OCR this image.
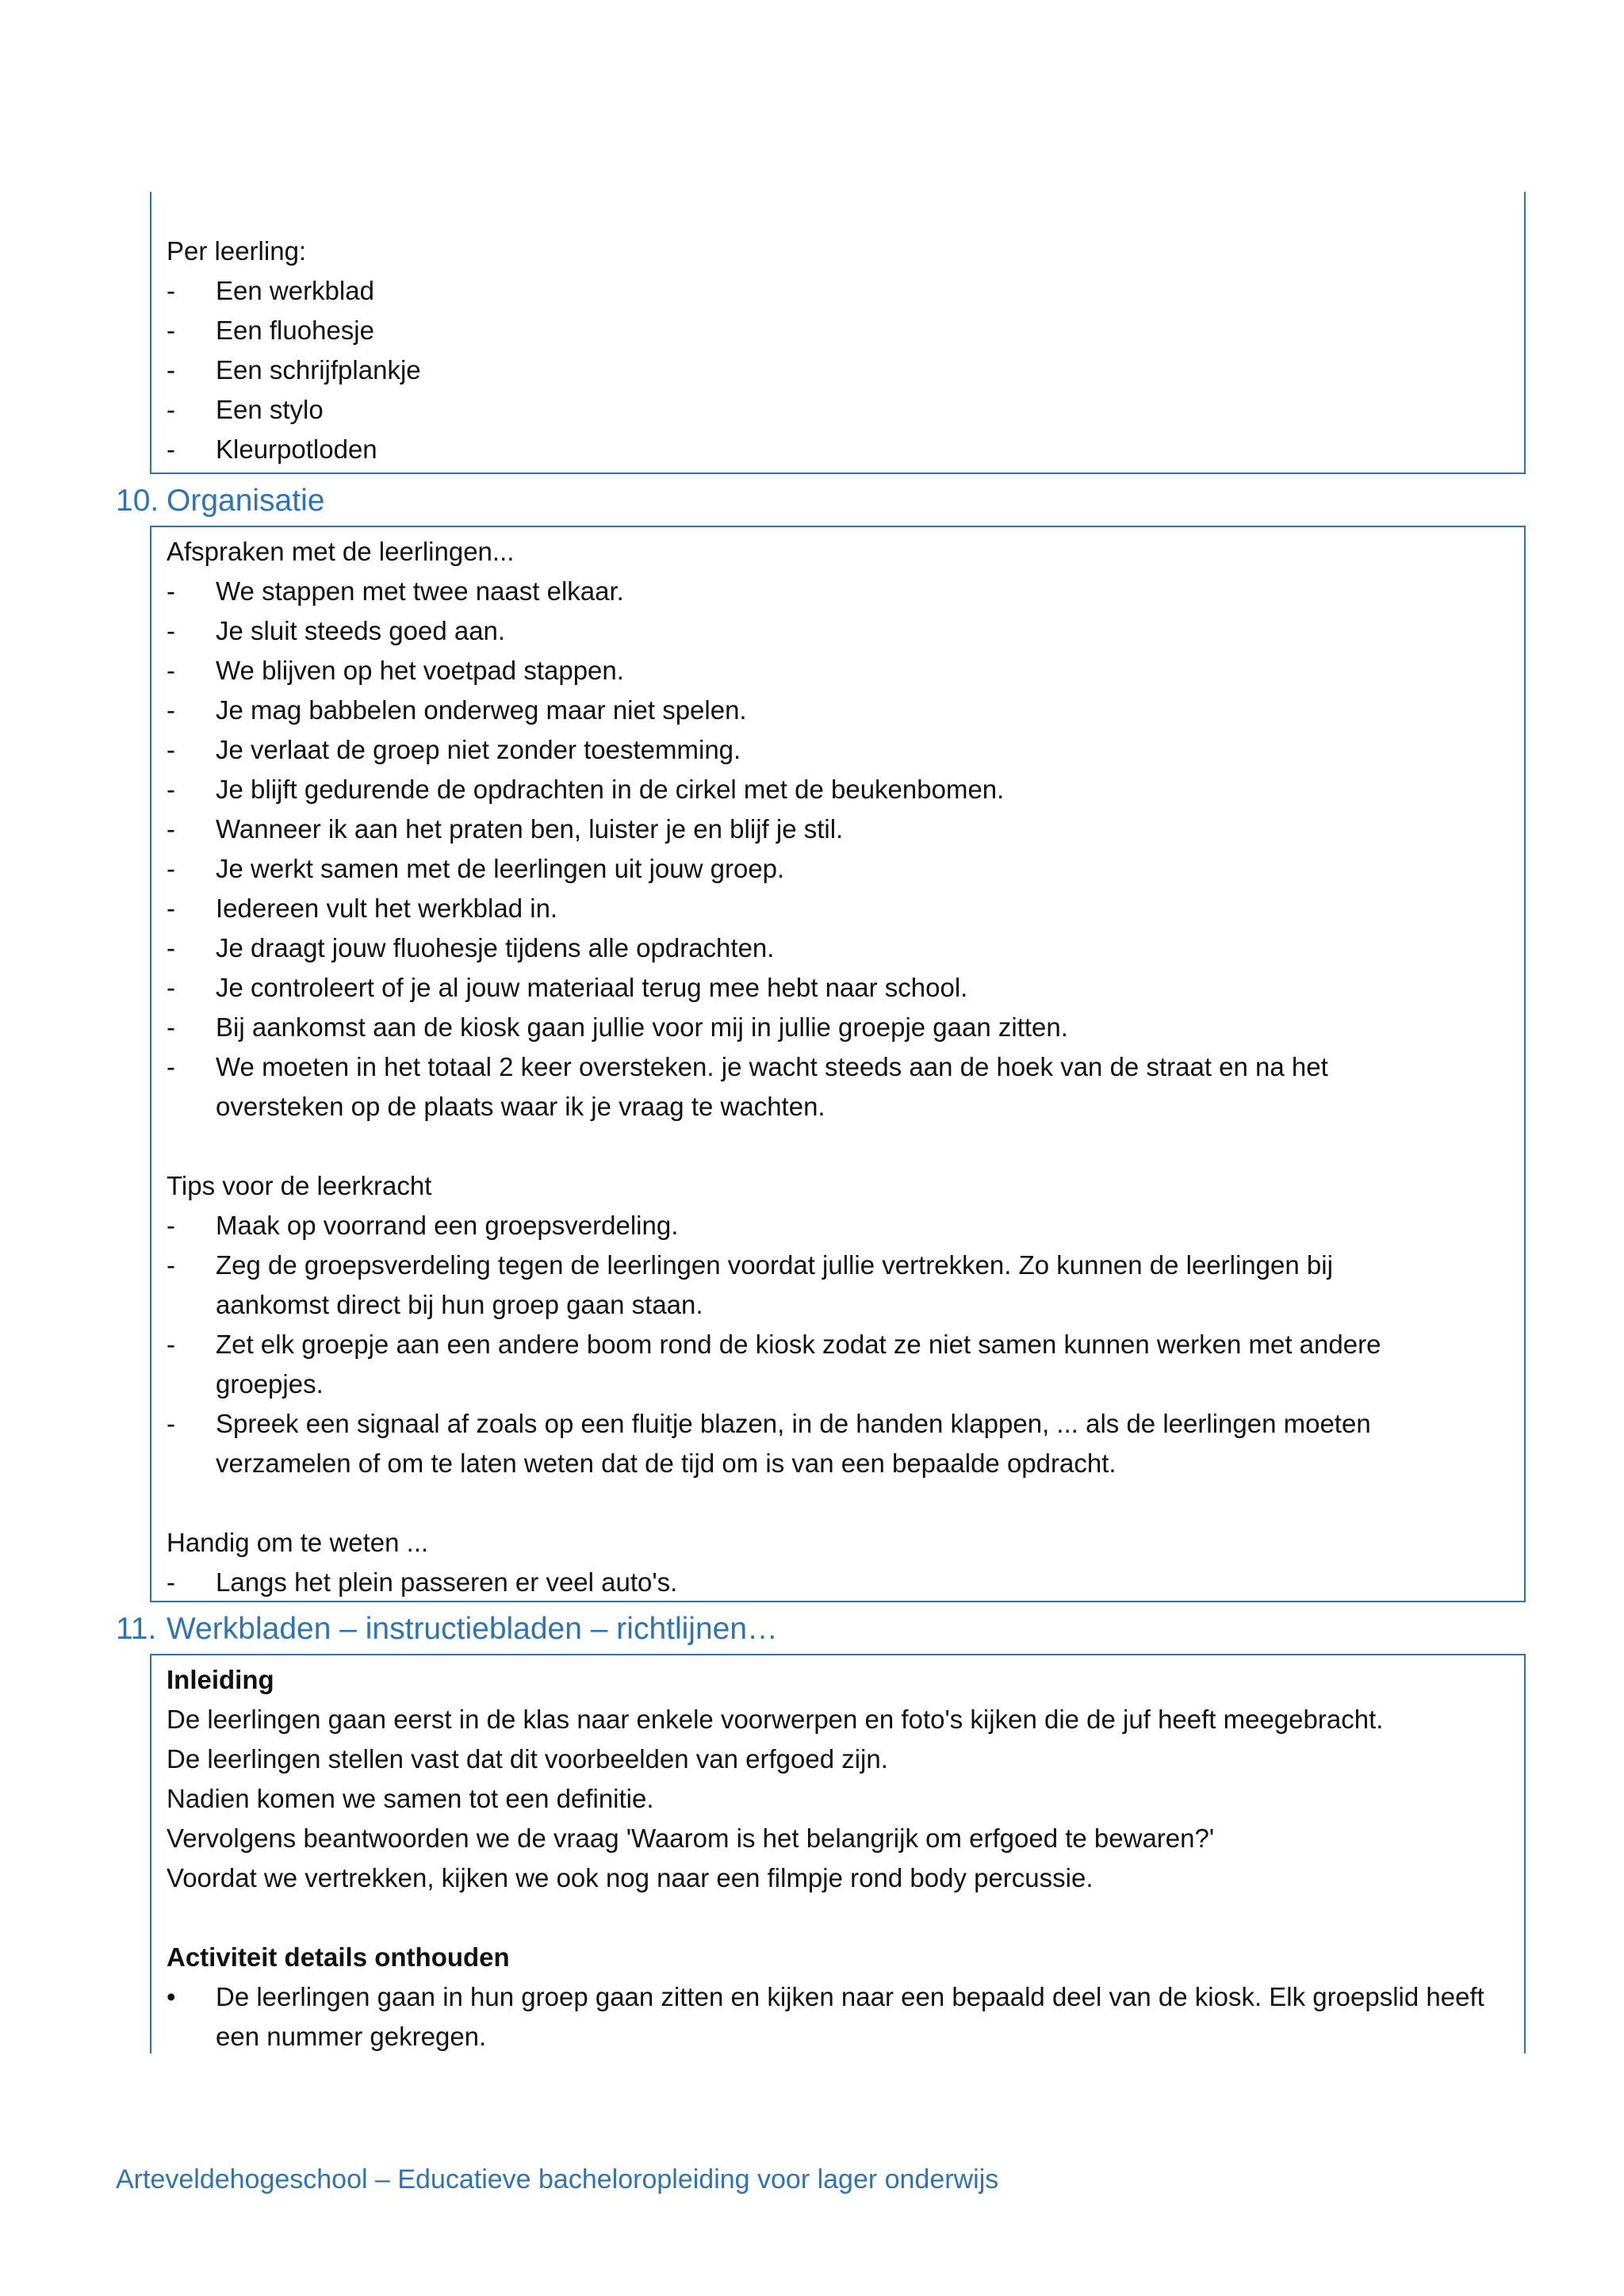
Per leerling:
-	Een werkblad
-	Een fluohesje
-	Een schrijfplankje
-	Een stylo
-	Kleurpotloden
10. Organisatie
Afspraken met de leerlingen...
-	We stappen met twee naast elkaar.
-	Je sluit steeds goed aan.
-	We blijven op het voetpad stappen.
-	Je mag babbelen onderweg maar niet spelen.
-	Je verlaat de groep niet zonder toestemming.
-	Je blijft gedurende de opdrachten in de cirkel met de beukenbomen.
-	Wanneer ik aan het praten ben, luister je en blijf je stil.
-	Je werkt samen met de leerlingen uit jouw groep.
-	Iedereen vult het werkblad in.
-	Je draagt jouw fluohesje tijdens alle opdrachten.
-	Je controleert of je al jouw materiaal terug mee hebt naar school.
-	Bij aankomst aan de kiosk gaan jullie voor mij in jullie groepje gaan zitten.
-	We moeten in het totaal 2 keer oversteken. je wacht steeds aan de hoek van de straat en na het oversteken op de plaats waar ik je vraag te wachten.
Tips voor de leerkracht
-	Maak op voorrand een groepsverdeling.
-	Zeg de groepsverdeling tegen de leerlingen voordat jullie vertrekken. Zo kunnen de leerlingen bij aankomst direct bij hun groep gaan staan.
-	Zet elk groepje aan een andere boom rond de kiosk zodat ze niet samen kunnen werken met andere groepjes.
-	Spreek een signaal af zoals op een fluitje blazen, in de handen klappen, ... als de leerlingen moeten verzamelen of om te laten weten dat de tijd om is van een bepaalde opdracht.
Handig om te weten ...
-	Langs het plein passeren er veel auto's.
11. Werkbladen – instructiebladen – richtlijnen…
Inleiding
De leerlingen gaan eerst in de klas naar enkele voorwerpen en foto's kijken die de juf heeft meegebracht.
De leerlingen stellen vast dat dit voorbeelden van erfgoed zijn.
Nadien komen we samen tot een definitie.
Vervolgens beantwoorden we de vraag 'Waarom is het belangrijk om erfgoed te bewaren?'
Voordat we vertrekken, kijken we ook nog naar een filmpje rond body percussie.
Activiteit details onthouden
•	De leerlingen gaan in hun groep gaan zitten en kijken naar een bepaald deel van de kiosk. Elk groepslid heeft een nummer gekregen.
Arteveldehogeschool – Educatieve bacheloropleiding voor lager onderwijs
